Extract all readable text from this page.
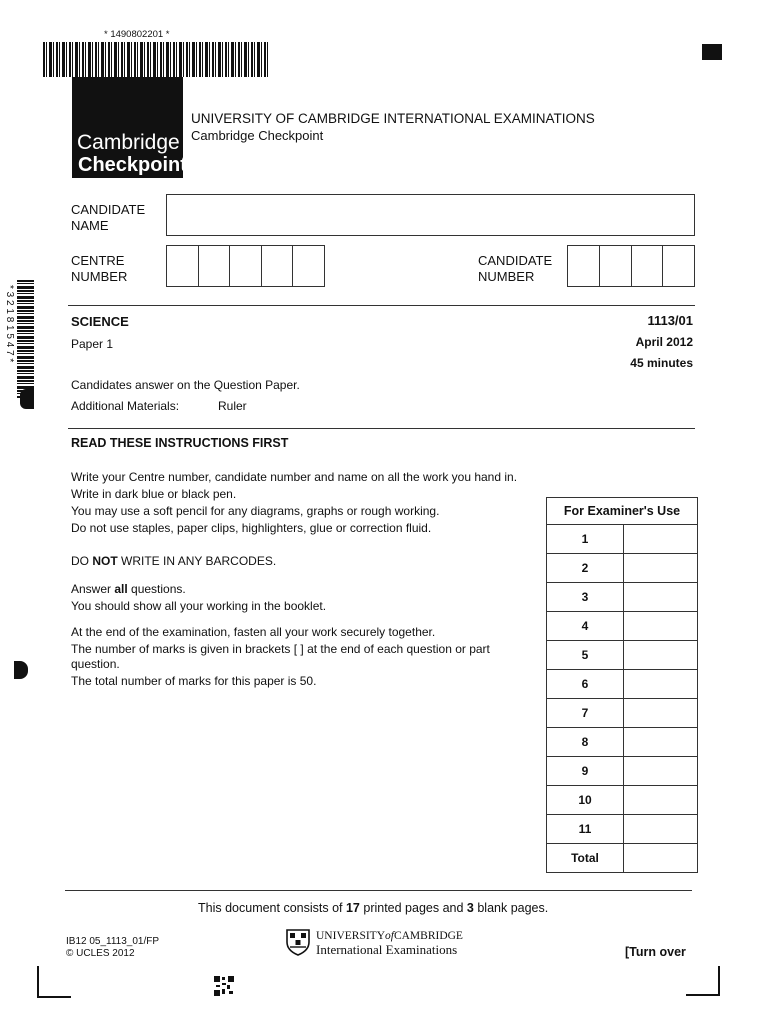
* 1490802201 *
Cambridge
Checkpoint
UNIVERSITY OF CAMBRIDGE INTERNATIONAL EXAMINATIONS
Cambridge Checkpoint
* 3 2 1 8 1 5 4 7 *
CANDIDATE
NAME
CENTRE
NUMBER
CANDIDATE
NUMBER
SCIENCE
Paper 1
1113/01
April 2012
45 minutes
Candidates answer on the Question Paper.
Additional Materials:	Ruler
READ THESE INSTRUCTIONS FIRST
Write your Centre number, candidate number and name on all the work you hand in.
Write in dark blue or black pen.
You may use a soft pencil for any diagrams, graphs or rough working.
Do not use staples, paper clips, highlighters, glue or correction fluid.
DO NOT WRITE IN ANY BARCODES.
Answer all questions.
You should show all your working in the booklet.
At the end of the examination, fasten all your work securely together.
The number of marks is given in brackets [ ] at the end of each question or part
question.
The total number of marks for this paper is 50.
For Examiner's Use	
1	
2	
3	
4	
5	
6	
7	
8	
9	
10	
11	
Total	
This document consists of 17 printed pages and 3 blank pages.
IB12 05_1113_01/FP
© UCLES 2012
UNIVERSITYofCAMBRIDGE
International Examinations	[Turn over
